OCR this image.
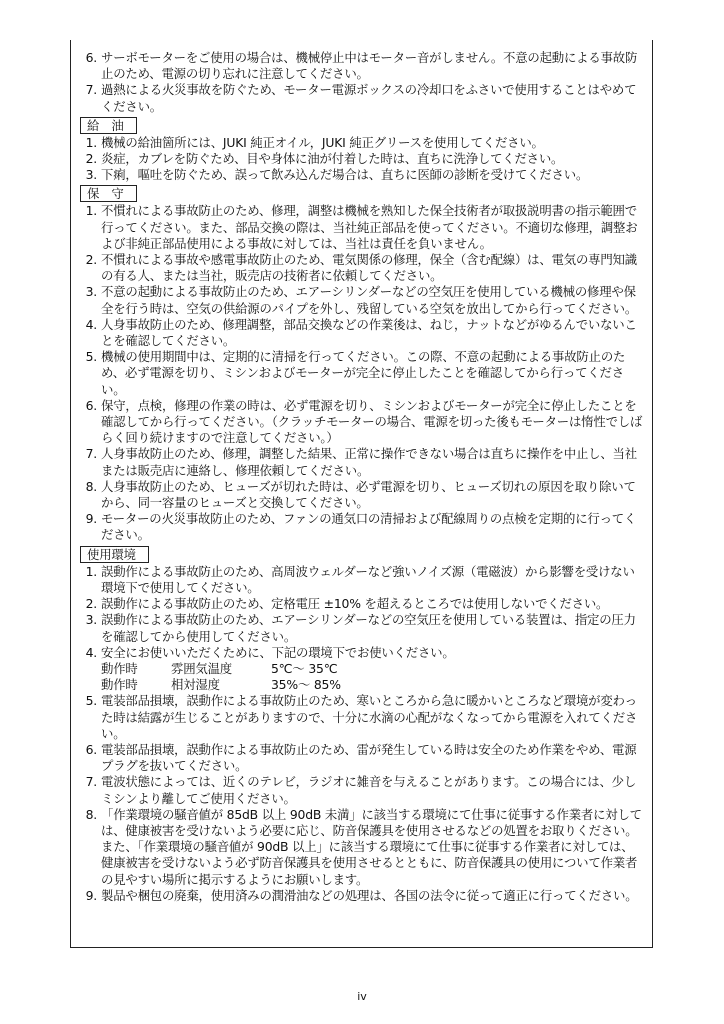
6. サーボモーターをご使用の場合は、機械停止中はモーター音がしません。不意の起動による事故防止のため、電源の切り忘れに注意してください。
7. 過熱による火災事故を防ぐため、モーター電源ボックスの冷却口をふさいで使用することはやめてください。
給　油
1. 機械の給油箇所には、JUKI 純正オイル，JUKI 純正グリースを使用してください。
2. 炎症，カブレを防ぐため、目や身体に油が付着した時は、直ちに洗浄してください。
3. 下痢，嘔吐を防ぐため、誤って飲み込んだ場合は、直ちに医師の診断を受けてください。
保　守
1. 不慣れによる事故防止のため、修理，調整は機械を熟知した保全技術者が取扱説明書の指示範囲で行ってください。また、部品交換の際は、当社純正部品を使ってください。不適切な修理，調整および非純正部品使用による事故に対しては、当社は責任を負いません。
2. 不慣れによる事故や感電事故防止のため、電気関係の修理，保全（含む配線）は、電気の専門知識の有る人、または当社，販売店の技術者に依頼してください。
3. 不意の起動による事故防止のため、エアーシリンダーなどの空気圧を使用している機械の修理や保全を行う時は、空気の供給源のパイプを外し、残留している空気を放出してから行ってください。
4. 人身事故防止のため、修理調整，部品交換などの作業後は、ねじ，ナットなどがゆるんでいないことを確認してください。
5. 機械の使用期間中は、定期的に清掃を行ってください。この際、不意の起動による事故防止のため、必ず電源を切り、ミシンおよびモーターが完全に停止したことを確認してから行ってください。
6. 保守，点検，修理の作業の時は、必ず電源を切り、ミシンおよびモーターが完全に停止したことを確認してから行ってください。（クラッチモーターの場合、電源を切った後もモーターは惰性でしばらく回り続けますので注意してください。）
7. 人身事故防止のため、修理，調整した結果、正常に操作できない場合は直ちに操作を中止し、当社または販売店に連絡し、修理依頼してください。
8. 人身事故防止のため、ヒューズが切れた時は、必ず電源を切り、ヒューズ切れの原因を取り除いてから、同一容量のヒューズと交換してください。
9. モーターの火災事故防止のため、ファンの通気口の清掃および配線周りの点検を定期的に行ってください。
使用環境
1. 誤動作による事故防止のため、高周波ウェルダーなど強いノイズ源（電磁波）から影響を受けない環境下で使用してください。
2. 誤動作による事故防止のため、定格電圧 ±10% を超えるところでは使用しないでください。
3. 誤動作による事故防止のため、エアーシリンダーなどの空気圧を使用している装置は、指定の圧力を確認してから使用してください。
4. 安全にお使いいただくために、下記の環境下でお使いください。
動作時	雰囲気温度	5℃～ 35℃
動作時	相対湿度	35%～ 85%
5. 電装部品損壊，誤動作による事故防止のため、寒いところから急に暖かいところなど環境が変わった時は結露が生じることがありますので、十分に水滴の心配がなくなってから電源を入れてください。
6. 電装部品損壊，誤動作による事故防止のため、雷が発生している時は安全のため作業をやめ、電源プラグを抜いてください。
7. 電波状態によっては、近くのテレビ，ラジオに雑音を与えることがあります。この場合には、少しミシンより離してご使用ください。
8. 「作業環境の騒音値が 85dB 以上 90dB 未満」に該当する環境にて仕事に従事する作業者に対しては、健康被害を受けないよう必要に応じ、防音保護具を使用させるなどの処置をお取りください。また、「作業環境の騒音値が 90dB 以上」に該当する環境にて仕事に従事する作業者に対しては、健康被害を受けないよう必ず防音保護具を使用させるとともに、防音保護具の使用について作業者の見やすい場所に掲示するようにお願いします。
9. 製品や梱包の廃棄，使用済みの潤滑油などの処理は、各国の法令に従って適正に行ってください。
iv
